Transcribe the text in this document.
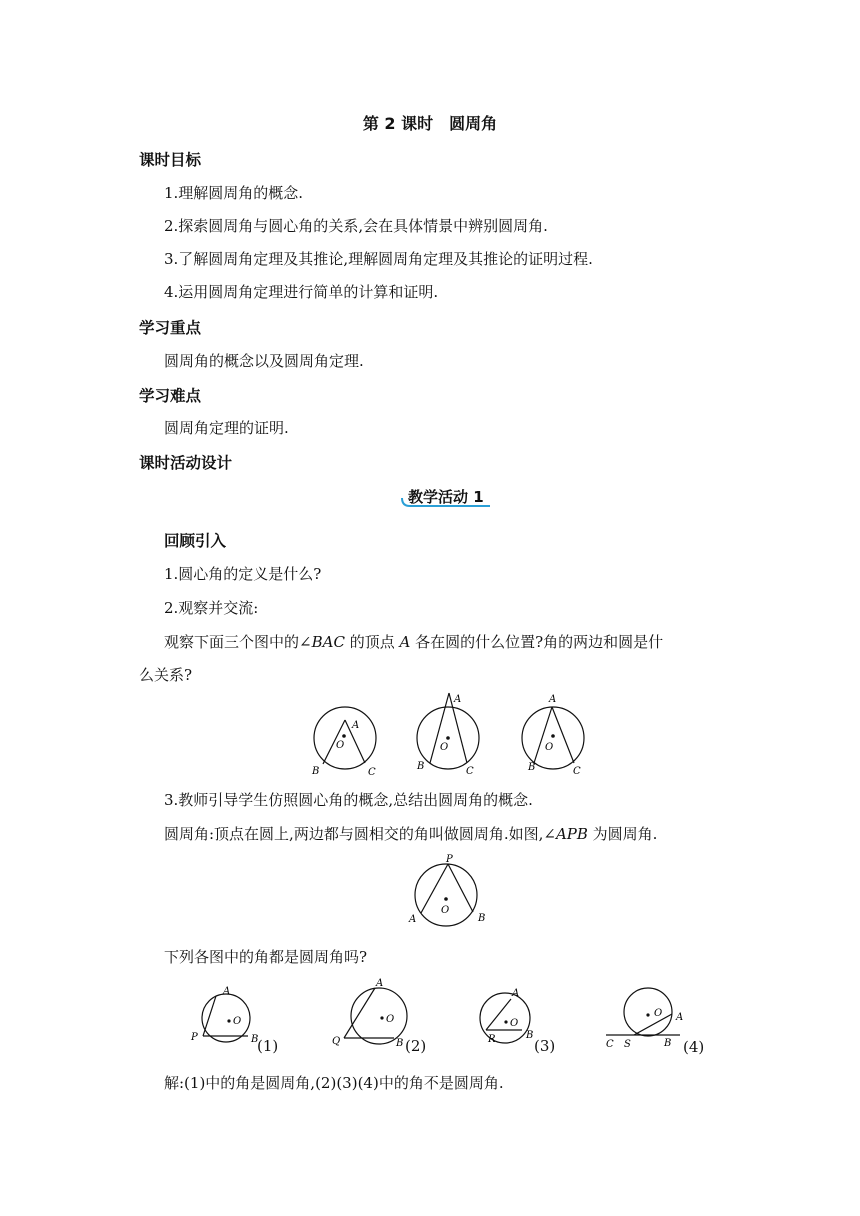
第 2 课时　圆周角
课时目标
1.理解圆周角的概念.
2.探索圆周角与圆心角的关系,会在具体情景中辨别圆周角.
3.了解圆周角定理及其推论,理解圆周角定理及其推论的证明过程.
4.运用圆周角定理进行简单的计算和证明.
学习重点
圆周角的概念以及圆周角定理.
学习难点
圆周角定理的证明.
课时活动设计
教学活动 1
回顾引入
1.圆心角的定义是什么?
2.观察并交流:
观察下面三个图中的∠BAC 的顶点 A 各在圆的什么位置?角的两边和圆是什
么关系?
A
O
B	C
A
O
B	C
A
O
B	C
3.教师引导学生仿照圆心角的概念,总结出圆周角的概念.
圆周角:顶点在圆上,两边都与圆相交的角叫做圆周角.如图,∠APB 为圆周角.
P
O
A	B
下列各图中的角都是圆周角吗?
A
O
P	B
(1)
A
O
Q	B (2)
A
O
R	B
(3)
O A
C S	B (4)
解:(1)中的角是圆周角,(2)(3)(4)中的角不是圆周角.
